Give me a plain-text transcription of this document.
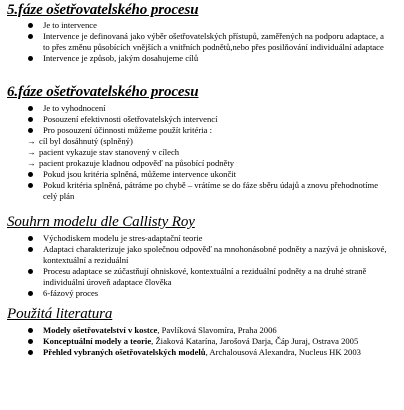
5.fáze ošetřovatelského procesu
Je to intervence
Intervence je definovaná jako výběr ošetřovatelských přístupů, zaměřených na podporu adaptace, a to přes změnu působících vnějších a vnitřních podnětů,nebo přes posilňování individuální adaptace
Intervence je způsob, jakým dosahujeme cílů
6.fáze ošetřovatelského procesu
Je to vyhodnocení
Posouzení efektivnosti ošetřovatelských intervencí
Pro posouzení účinnosti můžeme použít kritéria :
→ cíl byl dosáhnutý (splněný)
→ pacient vykazuje stav stanovený v cílech
→ pacient prokazuje kladnou odpověď na působící podněty
Pokud jsou kritéria splněná, můžeme intervence ukončit
Pokud kritéria splněná, pátráme po chybě – vrátíme se do fáze sběru údajů a znovu přehodnotíme celý plán
Souhrn modelu dle Callisty Roy
Východiskem modelu je stres-adaptační teorie
Adaptaci charakterizuje jako společnou odpověď na mnohonásobné podněty a nazývá je ohniskové, kontextuální a reziduální
Procesu adaptace se zúčastňují ohniskové, kontextuální a reziduální podněty a na druhé straně individuální úroveň adaptace člověka
6-fázový proces
Použitá literatura
Modely ošetřovatelství v kostce, Pavlíková Slavomíra, Praha 2006
Konceptuální modely a teorie, Žiaková Katarína, Jarošová Darja, Čáp Juraj, Ostrava 2005
Přehled vybraných ošetřovatelských modelů, Archalousová Alexandra, Nucleus HK 2003
